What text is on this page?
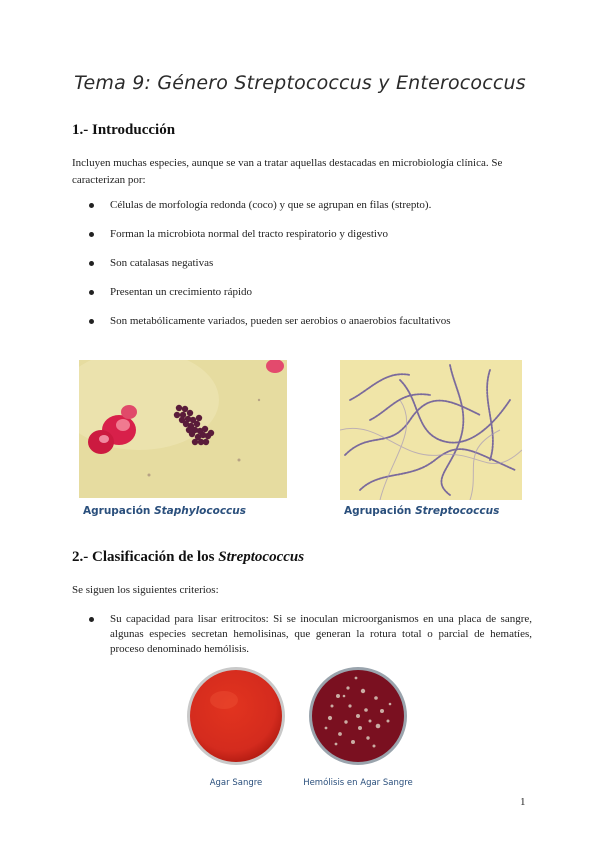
Tema 9: Género Streptococcus y Enterococcus
1.- Introducción
Incluyen muchas especies, aunque se van a tratar aquellas destacadas en microbiología clínica. Se caracterizan por:
Células de morfología redonda (coco) y que se agrupan en filas (strepto).
Forman la microbiota normal del tracto respiratorio y digestivo
Son catalasas negativas
Presentan un crecimiento rápido
Son metabólicamente variados, pueden ser aerobios o anaerobios facultativos
Agrupación Staphylococcus	Agrupación Streptococcus
2.- Clasificación de los Streptococcus
Se siguen los siguientes criterios:
Su capacidad para lisar eritrocitos: Si se inoculan microorganismos en una placa de sangre, algunas especies secretan hemolisinas, que generan la rotura total o parcial de hematíes, proceso denominado hemólisis.
Agar Sangre	Hemólisis en Agar Sangre
1
